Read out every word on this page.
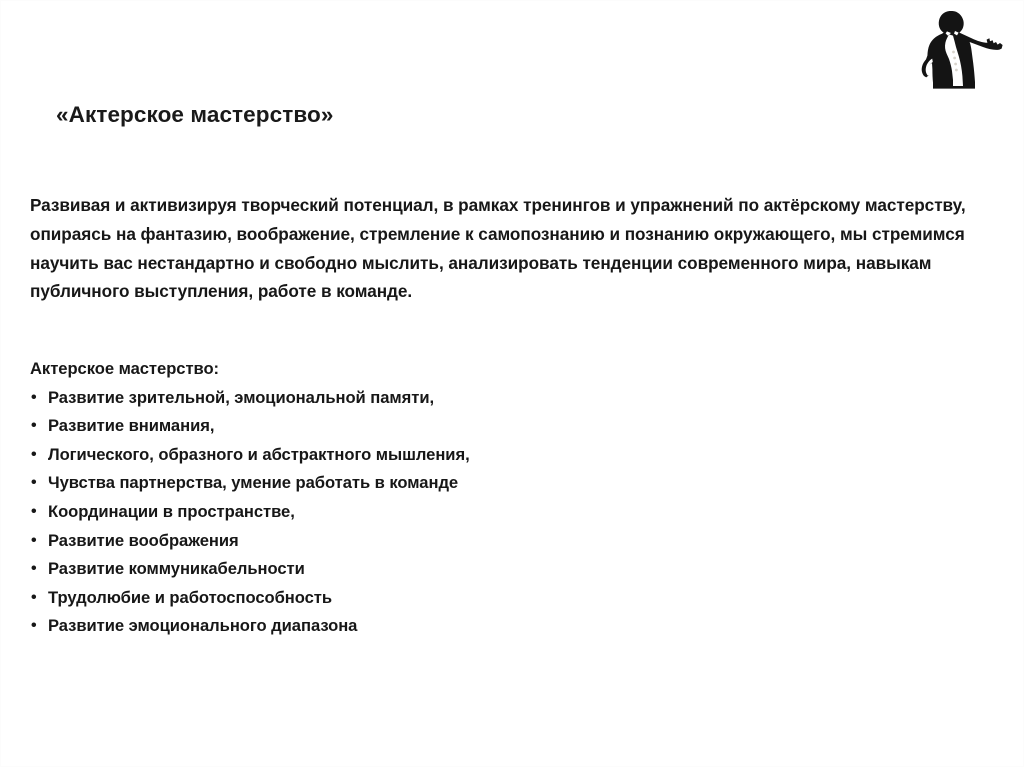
«Актерское мастерство»
Развивая и активизируя творческий потенциал, в рамках тренингов и упражнений по актёрскому мастерству, опираясь на фантазию, воображение, стремление к самопознанию и познанию окружающего, мы стремимся научить вас нестандартно и свободно мыслить, анализировать тенденции современного мира, навыкам публичного выступления, работе в команде.
Актерское мастерство:
• Развитие зрительной, эмоциональной памяти,
• Развитие внимания,
• Логического, образного и абстрактного мышления,
• Чувства партнерства, умение работать в команде
• Координации в пространстве,
• Развитие воображения
• Развитие коммуникабельности
• Трудолюбие и работоспособность
• Развитие эмоционального диапазона
